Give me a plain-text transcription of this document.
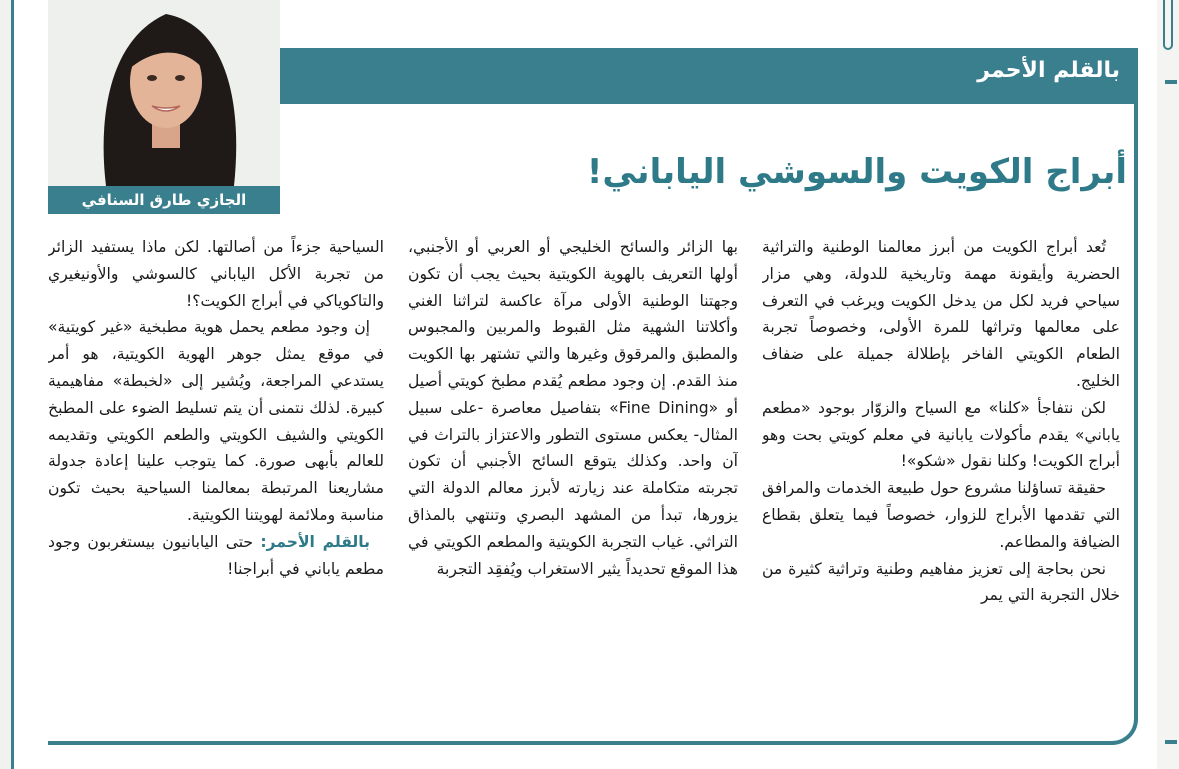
بالقلم الأحمر
الجازي طارق السنافي
أبراج الكويت والسوشي الياباني!

تُعد أبراج الكويت من أبرز معالمنا الوطنية والتراثية الحضرية وأيقونة مهمة وتاريخية للدولة، وهي مزار سياحي فريد لكل من يدخل الكويت ويرغب في التعرف على معالمها وتراثها للمرة الأولى، وخصوصاً تجربة الطعام الكويتي الفاخر بإطلالة جميلة على ضفاف الخليج.

لكن نتفاجأ «كلنا» مع السياح والزوّار بوجود «مطعم ياباني» يقدم مأكولات يابانية في معلم كويتي بحت وهو أبراج الكويت! وكلنا نقول «شكو»!

حقيقة تساؤلنا مشروع حول طبيعة الخدمات والمرافق التي تقدمها الأبراج للزوار، خصوصاً فيما يتعلق بقطاع الضيافة والمطاعم.

نحن بحاجة إلى تعزيز مفاهيم وطنية وتراثية كثيرة من خلال التجربة التي يمر

بها الزائر والسائح الخليجي أو العربي أو الأجنبي، أولها التعريف بالهوية الكويتية بحيث يجب أن تكون وجهتنا الوطنية الأولى مرآة عاكسة لتراثنا الغني وأكلاتنا الشهية مثل القبوط والمربين والمجبوس والمطبق والمرقوق وغيرها والتي تشتهر بها الكويت منذ القدم. إن وجود مطعم يُقدم مطبخ كويتي أصيل أو «Fine Dining» بتفاصيل معاصرة -على سبيل المثال- يعكس مستوى التطور والاعتزاز بالتراث في آن واحد. وكذلك يتوقع السائح الأجنبي أن تكون تجربته متكاملة عند زيارته لأبرز معالم الدولة التي يزورها، تبدأ من المشهد البصري وتنتهي بالمذاق التراثي. غياب التجربة الكويتية والمطعم الكويتي في هذا الموقع تحديداً يثير الاستغراب ويُفقِد التجربة

السياحية جزءاً من أصالتها. لكن ماذا يستفيد الزائر من تجربة الأكل الياباني كالسوشي والأونيغيري والتاكوياكي في أبراج الكويت؟!

إن وجود مطعم يحمل هوية مطبخية «غير كويتية» في موقع يمثل جوهر الهوية الكويتية، هو أمر يستدعي المراجعة، ويُشير إلى «لخبطة» مفاهيمية كبيرة. لذلك نتمنى أن يتم تسليط الضوء على المطبخ الكويتي والشيف الكويتي والطعم الكويتي وتقديمه للعالم بأبهى صورة. كما يتوجب علينا إعادة جدولة مشاريعنا المرتبطة بمعالمنا السياحية بحيث تكون مناسبة وملائمة لهويتنا الكويتية.

بالقلم الأحمر: حتى اليابانيون بيستغربون وجود مطعم ياباني في أبراجنا!
